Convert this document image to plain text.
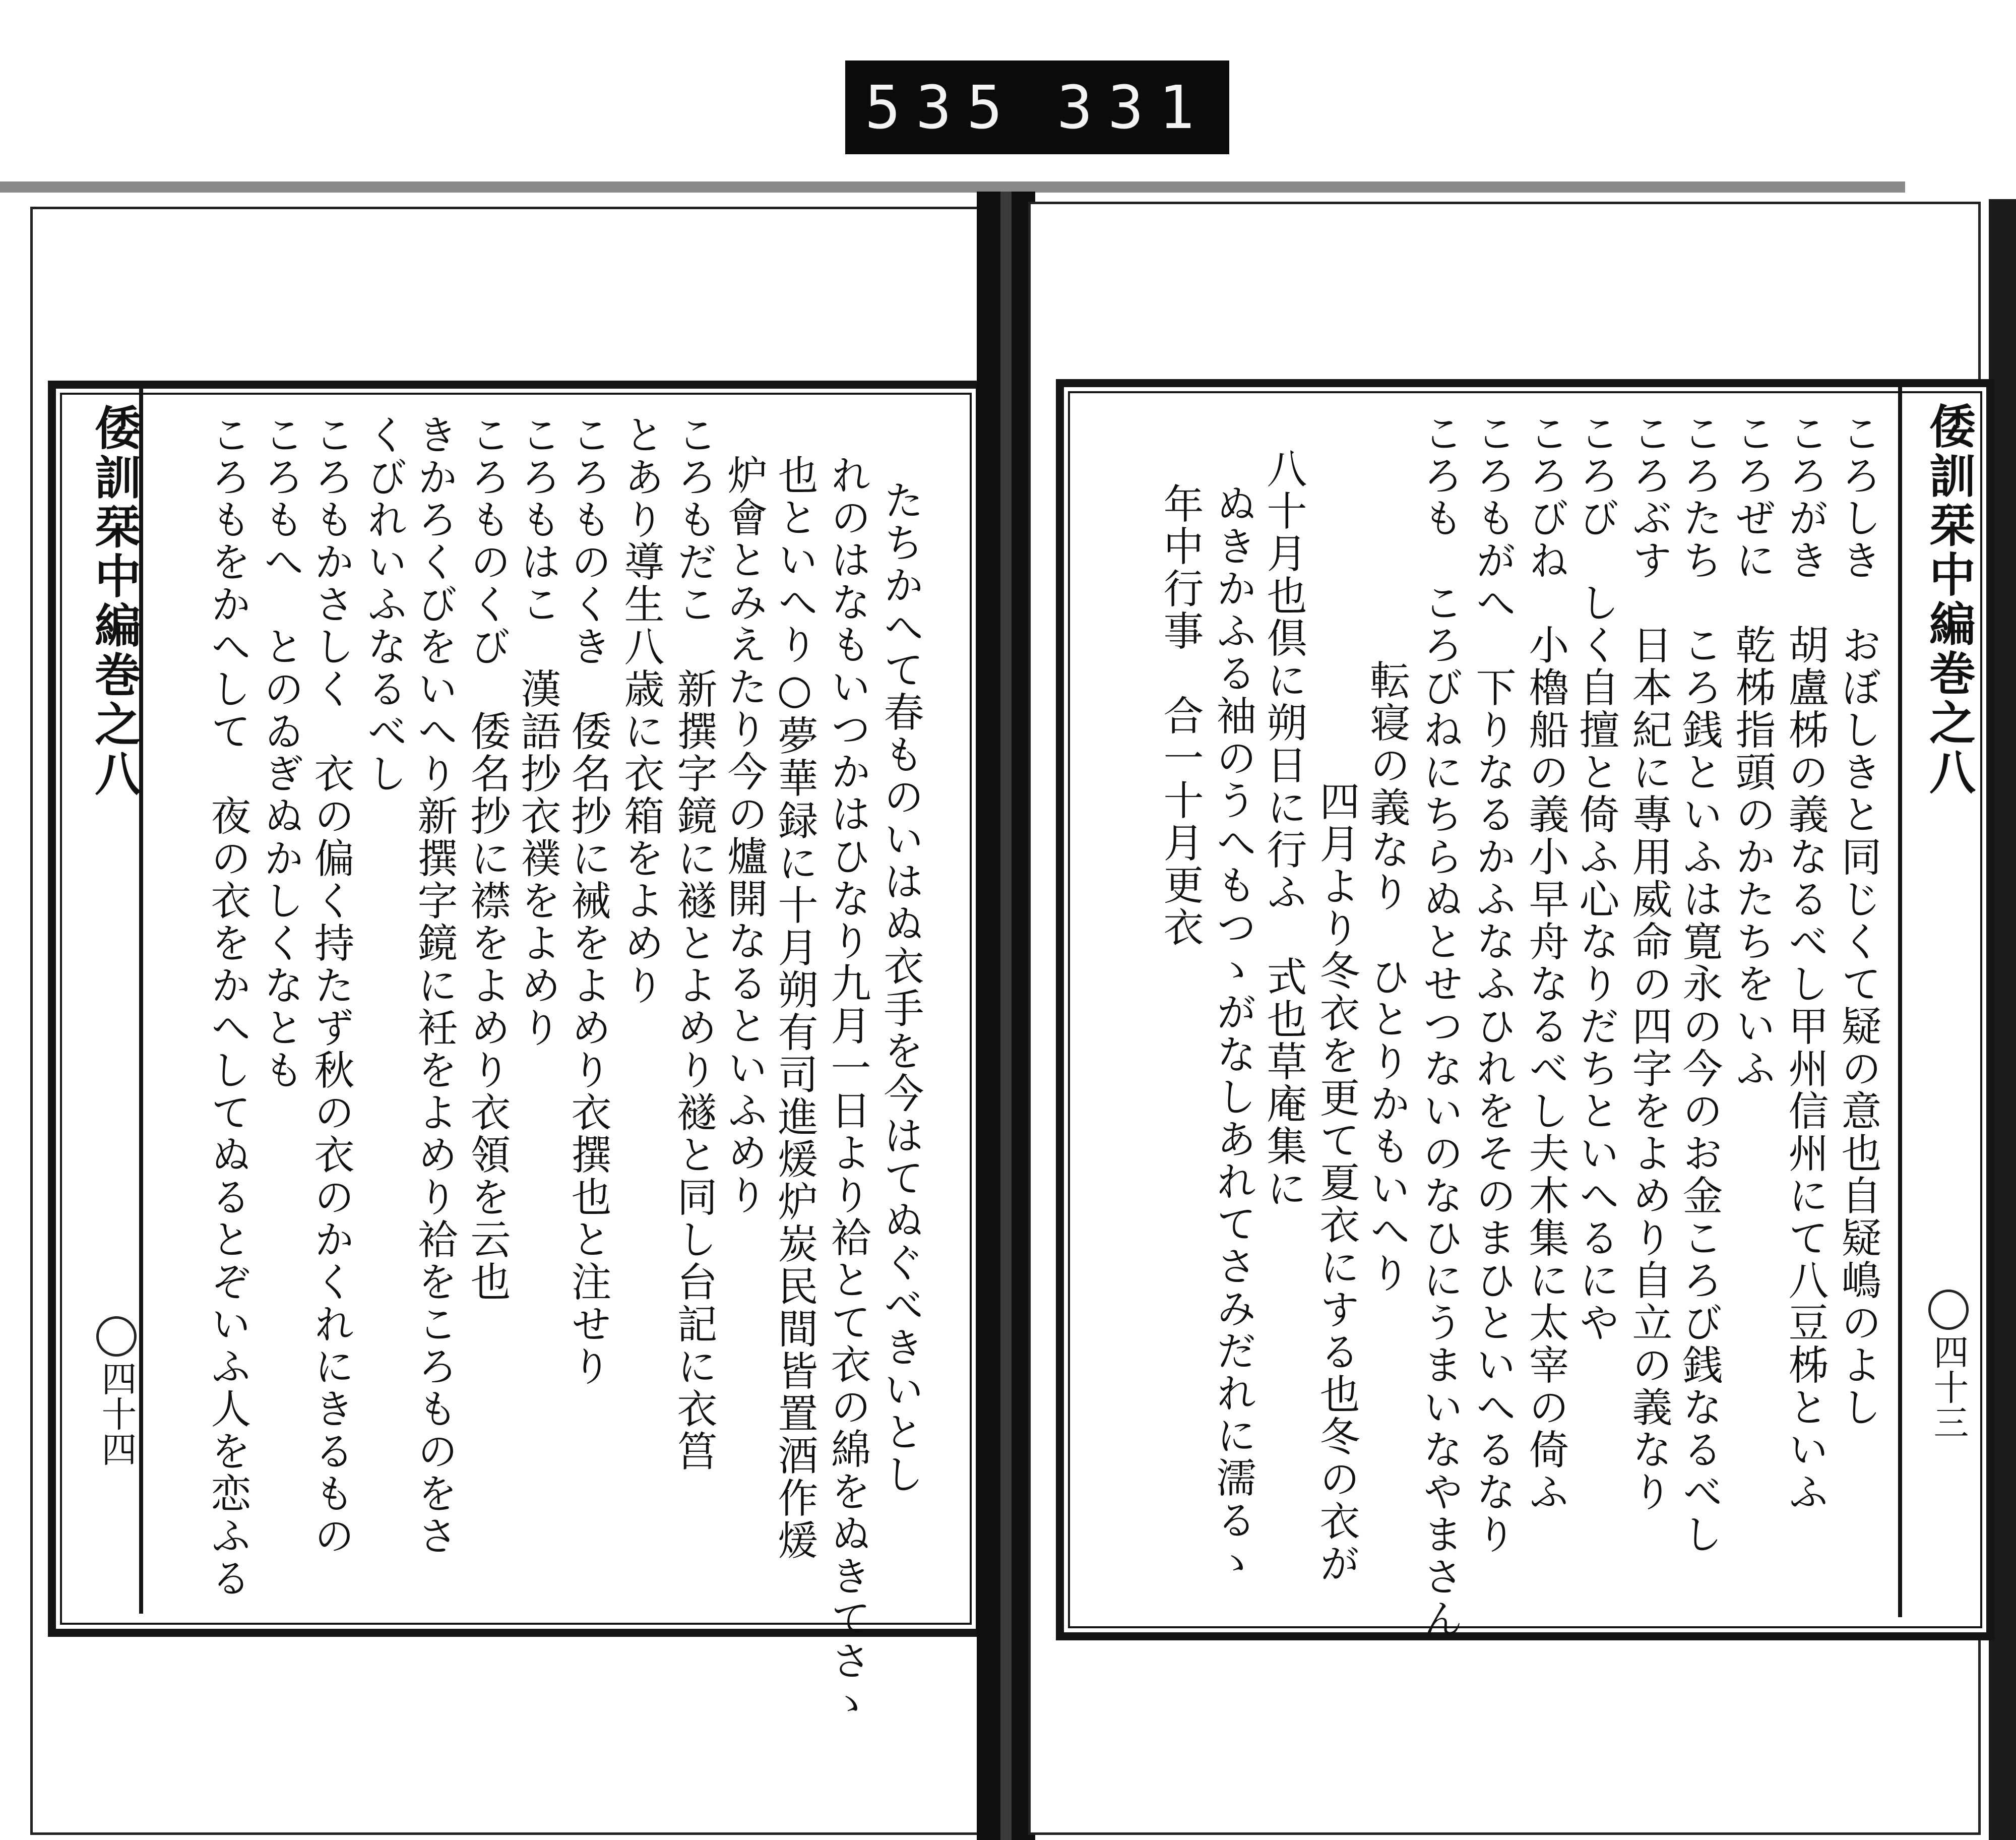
535 331
倭訓栞中編巻之八
四十四	たちかへて春ものいはぬ衣手を今はてぬぐべきいとし
れのはなもいつかはひなり九月一日より袷とて衣の綿をぬきてさゝ
也といへり○夢華録に十月朔有司進煖炉炭民間皆置酒作煖
炉會とみえたり今の爐開なるといふめり
ころもだこ　新撰字鏡に襚とよめり襚と同し台記に衣筥
とあり導生八歳に衣箱をよめり
ころものくき　倭名抄に裓をよめり衣撰也と注せり
ころもはこ　漢語抄衣襆をよめり
ころものくび　倭名抄に襟をよめり衣領を云也
きかろくびをいへり新撰字鏡に衽をよめり袷をころものをさ
くびれいふなるべし
ころもかさしく　衣の偏く持たず秋の衣のかくれにきるもの
ころもへ　とのゐぎぬかしくなとも
ころもをかへして　夜の衣をかへしてぬるとぞいふ人を恋ふる	倭訓栞中編巻之八
四十三
ころしき　おぼしきと同じくて疑の意也自疑嶋のよし
ころがき　胡盧柹の義なるべし甲州信州にて八豆柹といふ
ころぜに　乾柹指頭のかたちをいふ
ころたち　ころ銭といふは寛永の今のお金ころび銭なるべし
ころぶす　日本紀に專用威命の四字をよめり自立の義なり
ころび　しく自擅と倚ふ心なりだちといへるにや
ころびね　小櫓船の義小早舟なるべし夫木集に太宰の倚ふ
ころもがへ　下りなるかふなふひれをそのまひといへるなり
ころも　ころびねにちらぬとせつないのなひにうまいなやまさん
転寝の義なり　ひとりかもいへり
四月より冬衣を更て夏衣にする也冬の衣が
八十月也倶に朔日に行ふ　式也草庵集に
ぬきかふる袖のうへもつゝがなしあれてさみだれに濡るゝ
年中行事　合一十月更衣
